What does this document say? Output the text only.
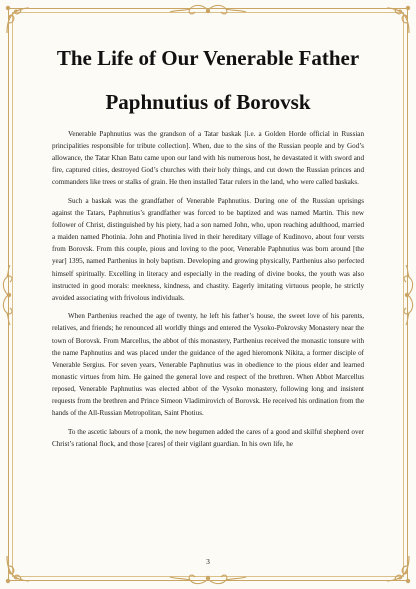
The Life of Our Venerable Father
Paphnutius of Borovsk

Venerable Paphnutius was the grandson of a Tatar baskak [i.e. a Golden Horde official in Russian principalities responsible for tribute collection]. When, due to the sins of the Russian people and by God’s allowance, the Tatar Khan Batu came upon our land with his numerous host, he devastated it with sword and fire, captured cities, destroyed God’s churches with their holy things, and cut down the Russian princes and commanders like trees or stalks of grain. He then installed Tatar rulers in the land, who were called baskaks.

Such a baskak was the grandfather of Venerable Paphnutius. During one of the Russian uprisings against the Tatars, Paphnutius’s grandfather was forced to be baptized and was named Martin. This new follower of Christ, distinguished by his piety, had a son named John, who, upon reaching adulthood, married a maiden named Photinia. John and Photinia lived in their hereditary village of Kudinovo, about four versts from Borovsk. From this couple, pious and loving to the poor, Venerable Paphnutius was born around [the year] 1395, named Parthenius in holy baptism. Developing and growing physically, Parthenius also perfected himself spiritually. Excelling in literacy and especially in the reading of divine books, the youth was also instructed in good morals: meekness, kindness, and chastity. Eagerly imitating virtuous people, he strictly avoided associating with frivolous individuals.

When Parthenius reached the age of twenty, he left his father’s house, the sweet love of his parents, relatives, and friends; he renounced all worldly things and entered the Vysoko-Pokrovsky Monastery near the town of Borovsk. From Marcellus, the abbot of this monastery, Parthenius received the monastic tonsure with the name Paphnutius and was placed under the guidance of the aged hieromonk Nikita, a former disciple of Venerable Sergius. For seven years, Venerable Paphnutius was in obedience to the pious elder and learned monastic virtues from him. He gained the general love and respect of the brethren. When Abbot Marcellus reposed, Venerable Paphnutius was elected abbot of the Vysoko monastery, following long and insistent requests from the brethren and Prince Simeon Vladimirovich of Borovsk. He received his ordination from the hands of the All-Russian Metropolitan, Saint Photius.

To the ascetic labours of a monk, the new hegumen added the cares of a good and skilful shepherd over Christ’s rational flock, and those [cares] of their vigilant guardian. In his own life, he

3
